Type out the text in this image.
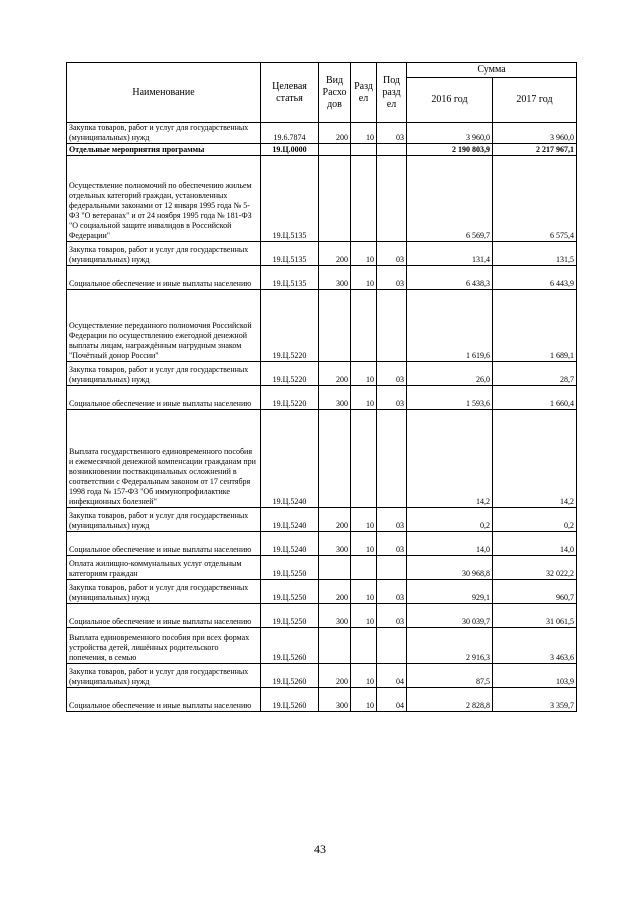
Наименование	Целевая статья	Вид Расхо дов	Разд ел	Под разд ел	Сумма	
					2016 год	2017 год
Закупка товаров, работ и услуг для государственных (муниципальных) нужд	19.6.7874	200	10	03	3 960,0	3 960,0
Отдельные мероприятия программы	19.Ц.0000				2 190 803,9	2 217 967,1
Осуществление полномочий по обеспечению жильем отдельных категорий граждан, установленных федеральными законами от 12 января 1995 года № 5-ФЗ "О ветеранах" и от 24 ноября 1995 года № 181-ФЗ "О социальной защите инвалидов в Российской Федерации"	19.Ц.5135				6 569,7	6 575,4
Закупка товаров, работ и услуг для государственных (муниципальных) нужд	19.Ц.5135	200	10	03	131,4	131,5
Социальное обеспечение и иные выплаты населению	19.Ц.5135	300	10	03	6 438,3	6 443,9
Осуществление переданного полномочия Российской Федерации по осуществлению ежегодной денежной выплаты лицам, награждённым нагрудным знаком "Почётный донор России"	19.Ц.5220				1 619,6	1 689,1
Закупка товаров, работ и услуг для государственных (муниципальных) нужд	19.Ц.5220	200	10	03	26,0	28,7
Социальное обеспечение и иные выплаты населению	19.Ц.5220	300	10	03	1 593,6	1 660,4
Выплата государственного единовременного пособия и ежемесячной денежной компенсации гражданам при возникновении поствакцинальных осложнений в соответствии с Федеральным законом от 17 сентября 1998 года № 157-ФЗ "Об иммунопрофилактике инфекционных болезней"	19.Ц.5240				14,2	14,2
Закупка товаров, работ и услуг для государственных (муниципальных) нужд	19.Ц.5240	200	10	03	0,2	0,2
Социальное обеспечение и иные выплаты населению	19.Ц.5240	300	10	03	14,0	14,0
Оплата жилищно-коммунальных услуг отдельным категориям граждан	19.Ц.5250				30 968,8	32 022,2
Закупка товаров, работ и услуг для государственных (муниципальных) нужд	19.Ц.5250	200	10	03	929,1	960,7
Социальное обеспечение и иные выплаты населению	19.Ц.5250	300	10	03	30 039,7	31 061,5
Выплата единовременного пособия при всех формах устройства детей, лишённых родительского попечения, в семью	19.Ц.5260				2 916,3	3 463,6
Закупка товаров, работ и услуг для государственных (муниципальных) нужд	19.Ц.5260	200	10	04	87,5	103,9
Социальное обеспечение и иные выплаты населению	19.Ц.5260	300	10	04	2 828,8	3 359,7
43
